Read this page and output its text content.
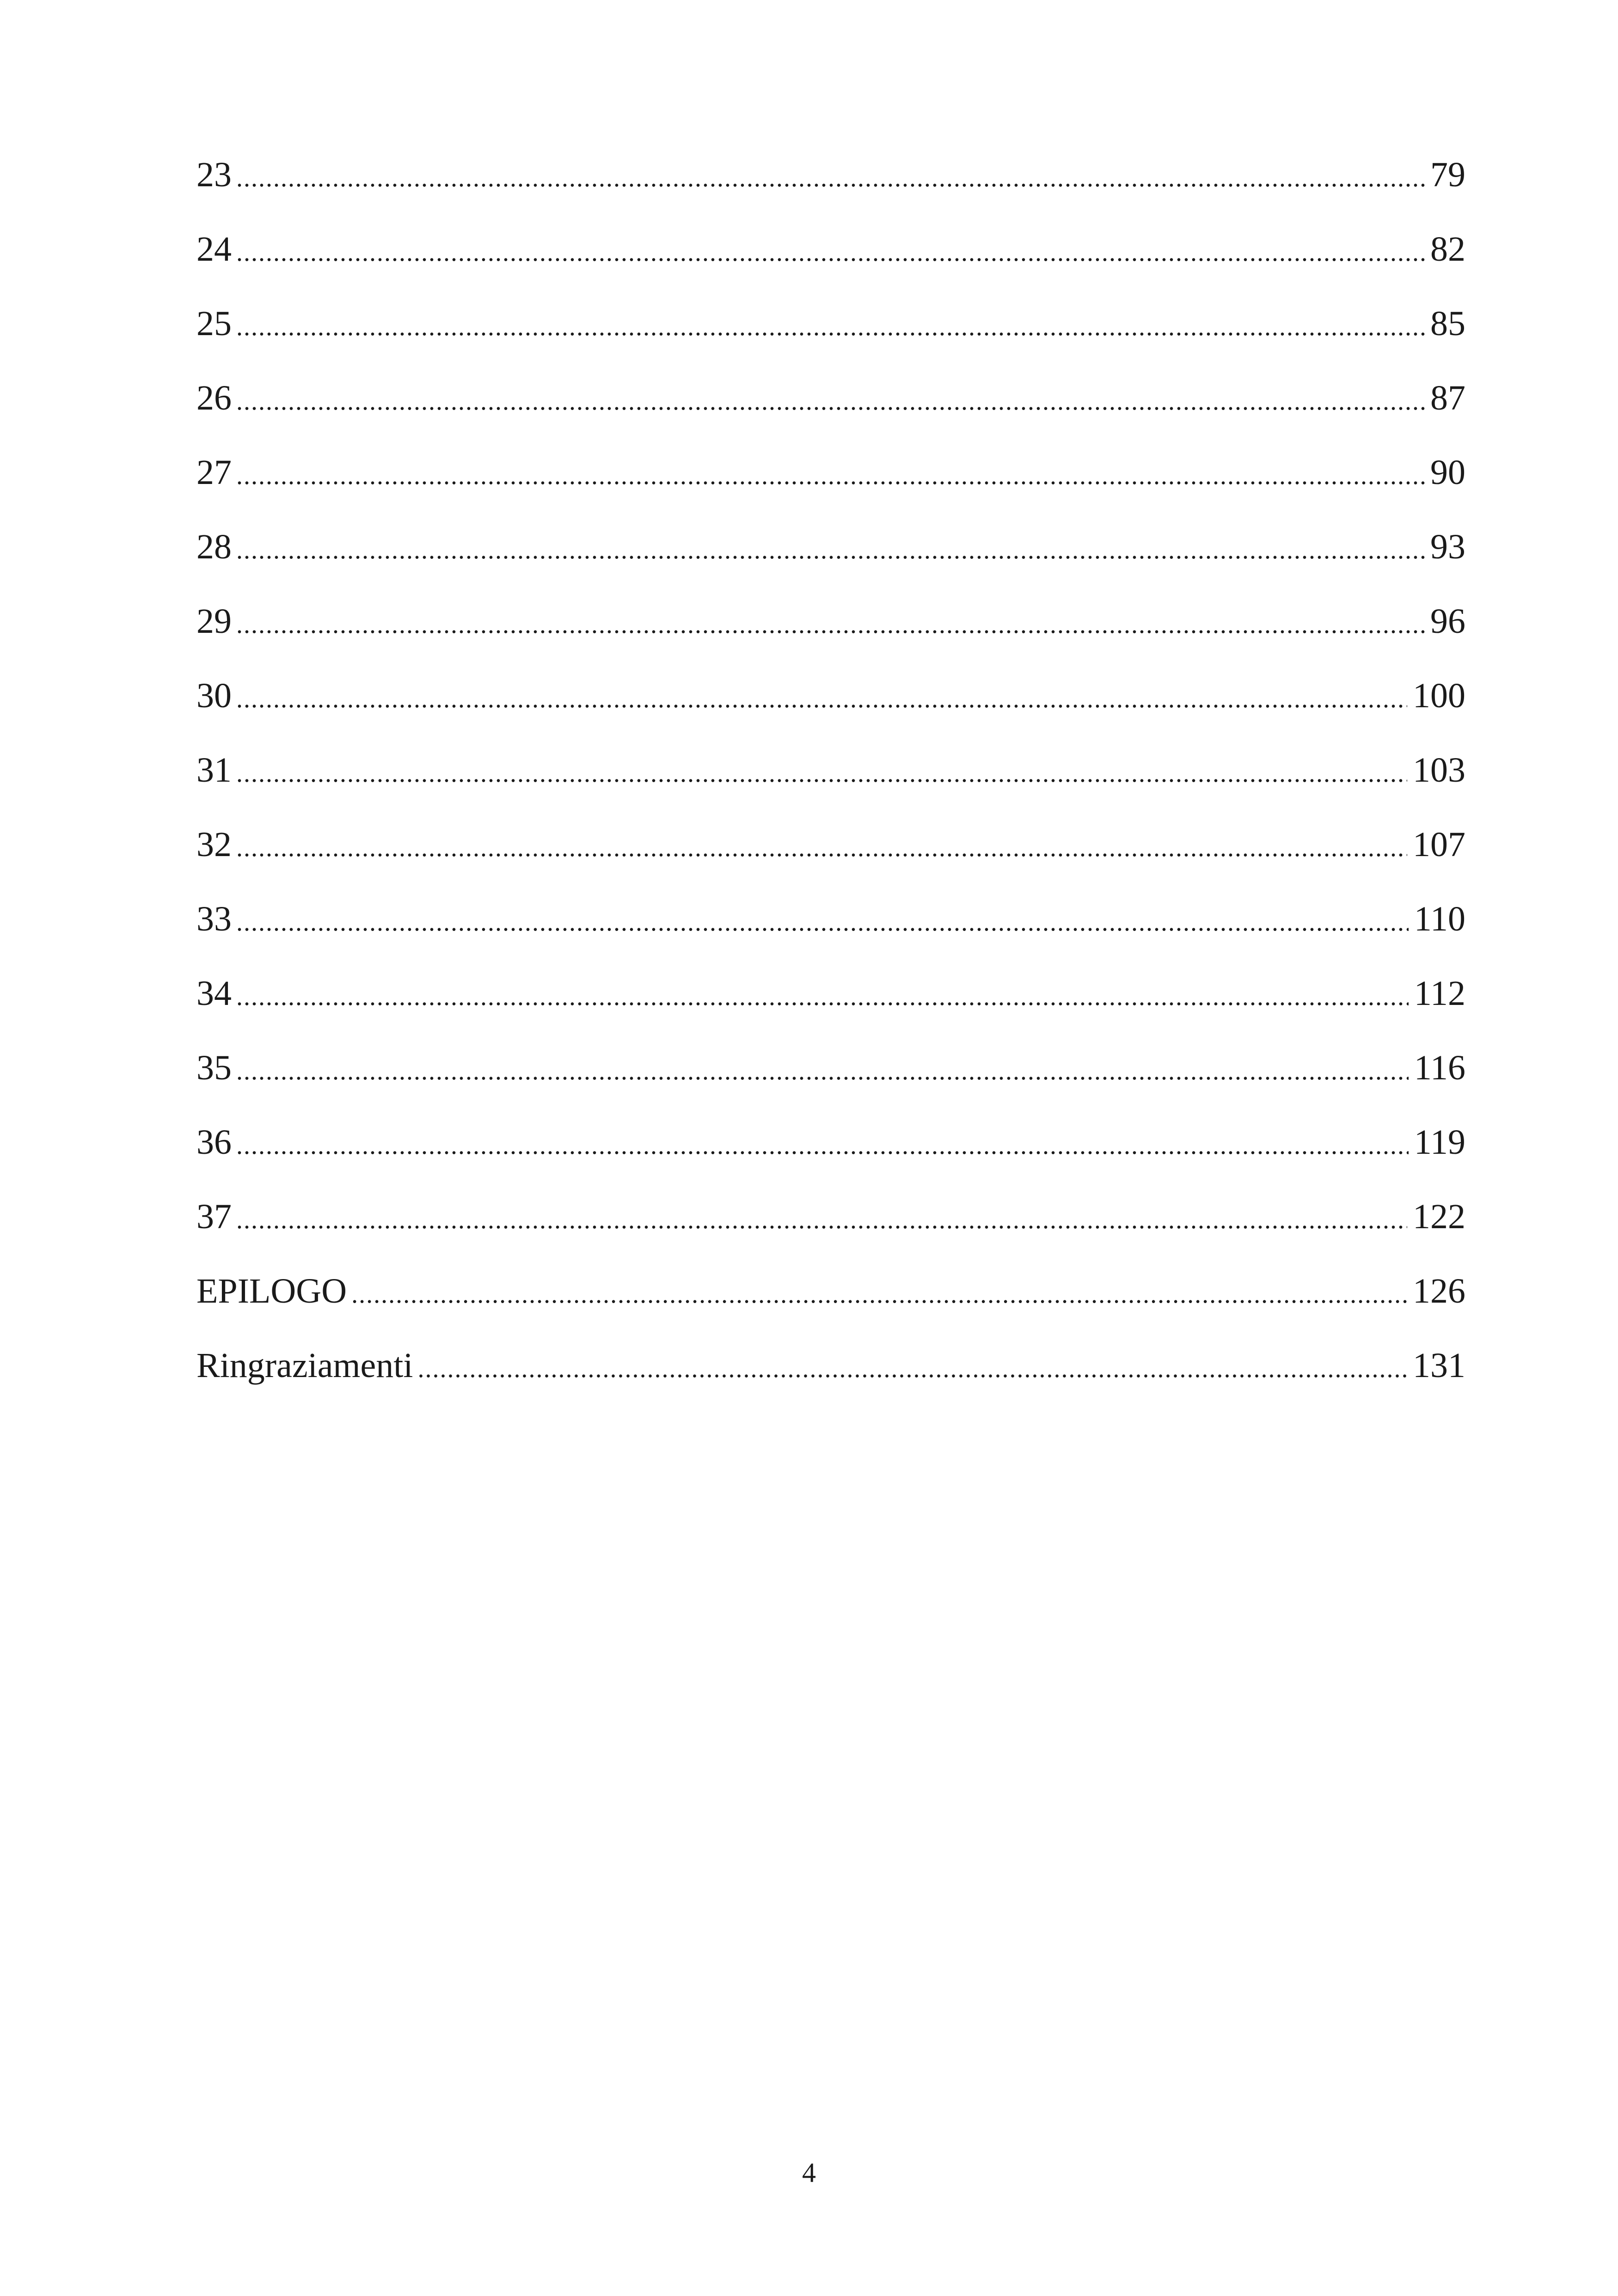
23 .....	79
24 .....	82
25 .....	85
26 .....	87
27 .....	90
28 .....	93
29 .....	96
30 .....	100
31 .....	103
32 .....	107
33 .....	110
34 .....	112
35 .....	116
36 .....	119
37 .....	122
EPILOGO .....	126
Ringraziamenti .....	131
4
